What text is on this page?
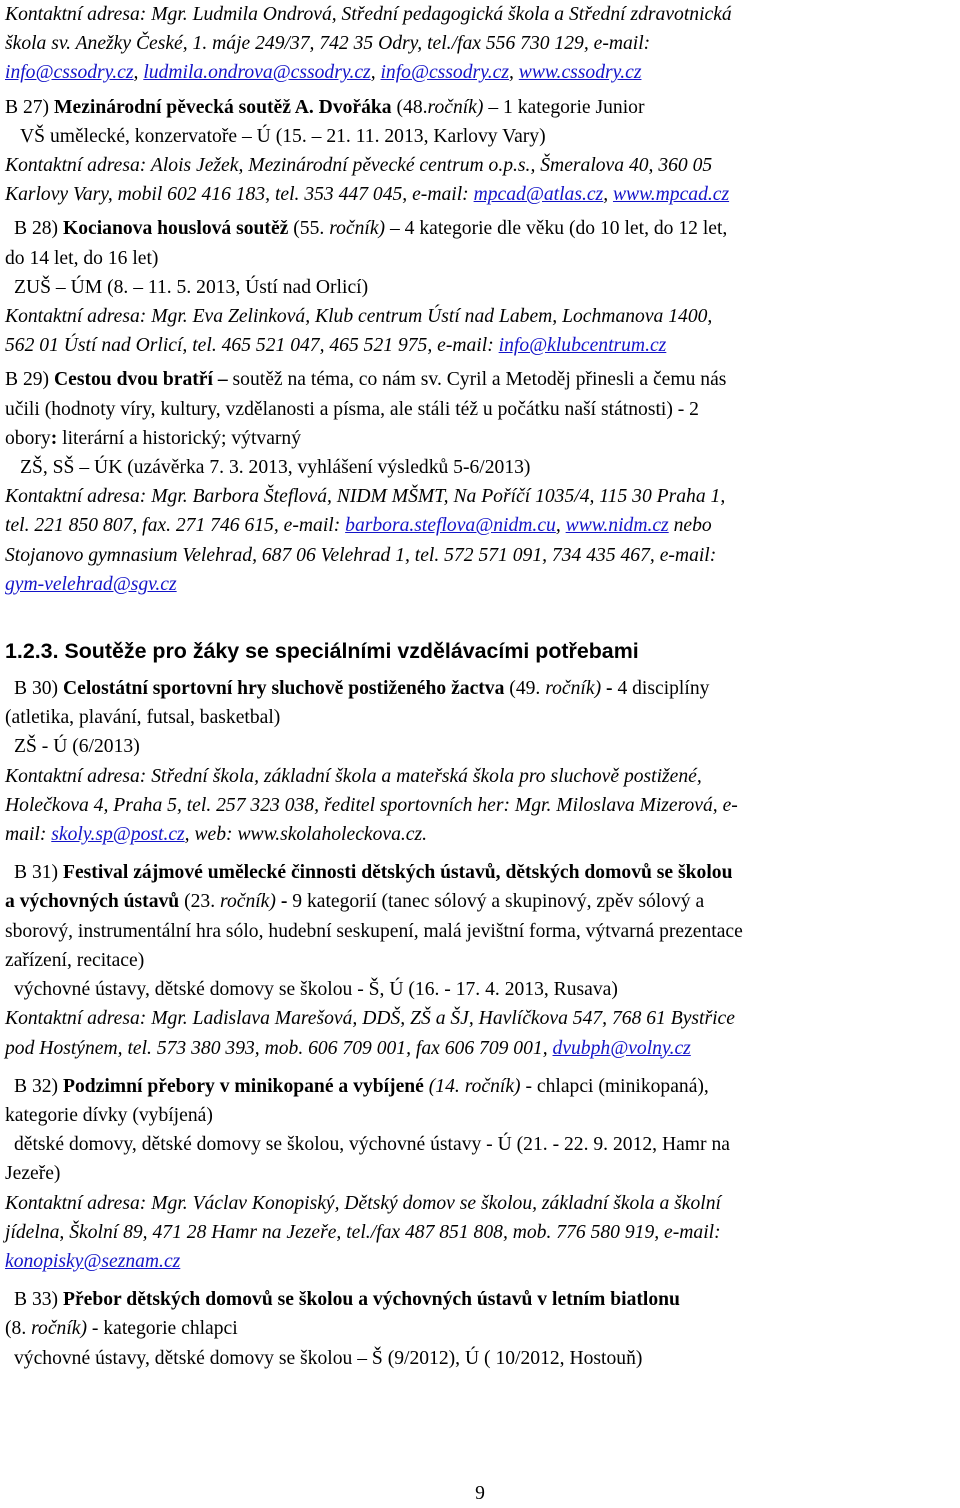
Kontaktní adresa: Mgr. Ludmila Ondrová, Střední pedagogická škola a Střední zdravotnická

škola sv. Anežky České, 1. máje 249/37, 742 35 Odry, tel./fax 556 730 129, e-mail:

info@cssodry.cz, ludmila.ondrova@cssodry.cz, info@cssodry.cz, www.cssodry.cz

B 27) Mezinárodní pěvecká soutěž A. Dvořáka (48.ročník) – 1 kategorie Junior

VŠ umělecké, konzervatoře – Ú (15. – 21. 11. 2013, Karlovy Vary)

Kontaktní adresa: Alois Ježek, Mezinárodní pěvecké centrum o.p.s., Šmeralova 40, 360 05

Karlovy Vary, mobil 602 416 183, tel. 353 447 045, e-mail: mpcad@atlas.cz, www.mpcad.cz

B 28) Kocianova houslová soutěž (55. ročník) – 4 kategorie dle věku (do 10 let, do 12 let,

do 14 let, do 16 let)

ZUŠ – ÚM (8. – 11. 5. 2013, Ústí nad Orlicí)

Kontaktní adresa: Mgr. Eva Zelinková, Klub centrum Ústí nad Labem, Lochmanova 1400,

562 01 Ústí nad Orlicí, tel. 465 521 047, 465 521 975, e-mail: info@klubcentrum.cz

B 29) Cestou dvou bratří – soutěž na téma, co nám sv. Cyril a Metoděj přinesli a čemu nás

učili (hodnoty víry, kultury, vzdělanosti a písma, ale stáli též u počátku naší státnosti) - 2

obory: literární a historický; výtvarný

ZŠ, SŠ – ÚK (uzávěrka 7. 3. 2013, vyhlášení výsledků 5-6/2013)

Kontaktní adresa: Mgr. Barbora Šteflová, NIDM MŠMT, Na Poříčí 1035/4, 115 30 Praha 1,

tel. 221 850 807, fax. 271 746 615, e-mail: barbora.steflova@nidm.cu, www.nidm.cz nebo

Stojanovo gymnasium Velehrad, 687 06 Velehrad 1, tel. 572 571 091, 734 435 467, e-mail:

gym-velehrad@sgv.cz

1.2.3. Soutěže pro žáky se speciálními vzdělávacími potřebami

B 30) Celostátní sportovní hry sluchově postiženého žactva (49. ročník) - 4 disciplíny

(atletika, plavání, futsal, basketbal)

ZŠ - Ú (6/2013)

Kontaktní adresa: Střední škola, základní škola a mateřská škola pro sluchově postižené,

Holečkova 4, Praha 5, tel. 257 323 038, ředitel sportovních her: Mgr. Miloslava Mizerová, e-

mail: skoly.sp@post.cz, web: www.skolaholeckova.cz.

B 31) Festival zájmové umělecké činnosti dětských ústavů, dětských domovů se školou

a výchovných ústavů (23. ročník) - 9 kategorií (tanec sólový a skupinový, zpěv sólový a

sborový, instrumentální hra sólo, hudební seskupení, malá jevištní forma, výtvarná prezentace

zařízení, recitace)

výchovné ústavy, dětské domovy se školou - Š, Ú (16. - 17. 4. 2013, Rusava)

Kontaktní adresa: Mgr. Ladislava Marešová, DDŠ, ZŠ a ŠJ, Havlíčkova 547, 768 61 Bystřice

pod Hostýnem, tel. 573 380 393, mob. 606 709 001, fax 606 709 001, dvubph@volny.cz

B 32) Podzimní přebory v minikopané a vybíjené (14. ročník) - chlapci (minikopaná),

kategorie dívky (vybíjená)

dětské domovy, dětské domovy se školou, výchovné ústavy - Ú (21. - 22. 9. 2012, Hamr na

Jezeře)

Kontaktní adresa: Mgr. Václav Konopiský, Dětský domov se školou, základní škola a školní

jídelna, Školní 89, 471 28 Hamr na Jezeře, tel./fax 487 851 808, mob. 776 580 919, e-mail:

konopisky@seznam.cz

B 33) Přebor dětských domovů se školou a výchovných ústavů v letním biatlonu

(8. ročník) - kategorie chlapci

výchovné ústavy, dětské domovy se školou – Š (9/2012), Ú ( 10/2012, Hostouň)

9
